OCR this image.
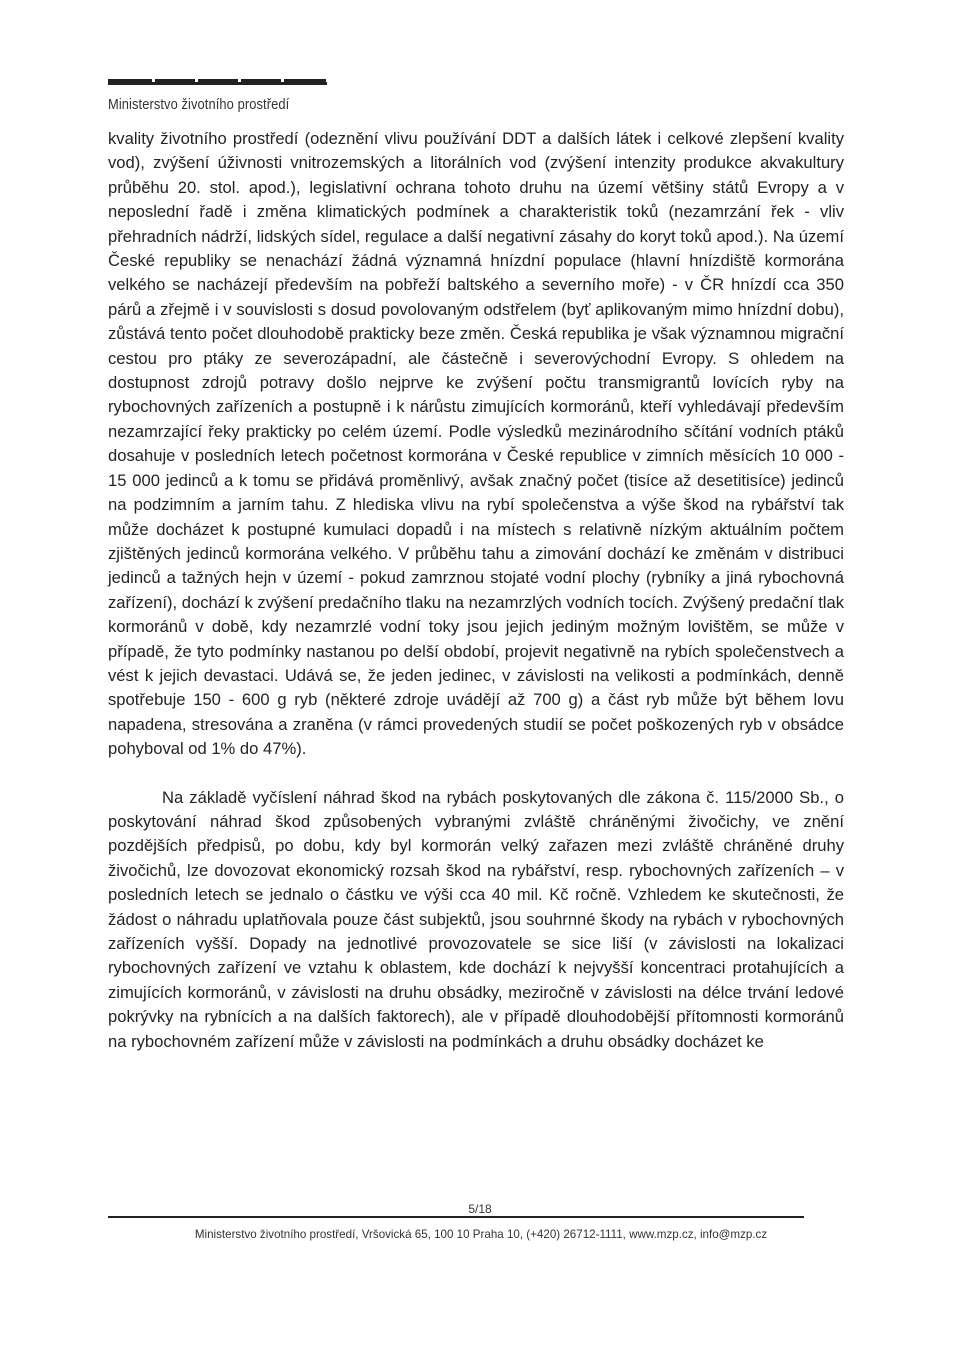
Ministerstvo životního prostředí

kvality životního prostředí (odeznění vlivu používání DDT a dalších látek i celkové zlepšení kvality vod), zvýšení úživnosti vnitrozemských a litorálních vod (zvýšení intenzity produkce akvakultury průběhu 20. stol. apod.), legislativní ochrana tohoto druhu na území většiny států Evropy a v neposlední řadě i změna klimatických podmínek a charakteristik toků (nezamrzání řek - vliv přehradních nádrží, lidských sídel, regulace a další negativní zásahy do koryt toků apod.). Na území České republiky se nenachází žádná významná hnízdní populace (hlavní hnízdiště kormorána velkého se nacházejí především na pobřeží baltského a severního moře) - v ČR hnízdí cca 350 párů a zřejmě i v souvislosti s dosud povolovaným odstřelem (byť aplikovaným mimo hnízdní dobu), zůstává tento počet dlouhodobě prakticky beze změn. Česká republika je však významnou migrační cestou pro ptáky ze severozápadní, ale částečně i severovýchodní Evropy. S ohledem na dostupnost zdrojů potravy došlo nejprve ke zvýšení počtu transmigrantů lovících ryby na rybochovných zařízeních a postupně i k nárůstu zimujících kormoránů, kteří vyhledávají především nezamrzající řeky prakticky po celém území. Podle výsledků mezinárodního sčítání vodních ptáků dosahuje v posledních letech početnost kormorána v České republice v zimních měsících 10 000 - 15 000 jedinců a k tomu se přidává proměnlivý, avšak značný počet (tisíce až desetitisíce) jedinců na podzimním a jarním tahu. Z hlediska vlivu na rybí společenstva a výše škod na rybářství tak může docházet k postupné kumulaci dopadů i na místech s relativně nízkým aktuálním počtem zjištěných jedinců kormorána velkého. V průběhu tahu a zimování dochází ke změnám v distribuci jedinců a tažných hejn v území - pokud zamrznou stojaté vodní plochy (rybníky a jiná rybochovná zařízení), dochází k zvýšení predačního tlaku na nezamrzlých vodních tocích. Zvýšený predační tlak kormoránů v době, kdy nezamrzlé vodní toky jsou jejich jediným možným lovištěm, se může v případě, že tyto podmínky nastanou po delší období, projevit negativně na rybích společenstvech a vést k jejich devastaci. Udává se, že jeden jedinec, v závislosti na velikosti a podmínkách, denně spotřebuje 150 - 600 g ryb (některé zdroje uvádějí až 700 g) a část ryb může být během lovu napadena, stresována a zraněna (v rámci provedených studií se počet poškozených ryb v obsádce pohyboval od 1% do 47%).

Na základě vyčíslení náhrad škod na rybách poskytovaných dle zákona č. 115/2000 Sb., o poskytování náhrad škod způsobených vybranými zvláště chráněnými živočichy, ve znění pozdějších předpisů, po dobu, kdy byl kormorán velký zařazen mezi zvláště chráněné druhy živočichů, lze dovozovat ekonomický rozsah škod na rybářství, resp. rybochovných zařízeních – v posledních letech se jednalo o částku ve výši cca 40 mil. Kč ročně. Vzhledem ke skutečnosti, že žádost o náhradu uplatňovala pouze část subjektů, jsou souhrnné škody na rybách v rybochovných zařízeních vyšší. Dopady na jednotlivé provozovatele se sice liší (v závislosti na lokalizaci rybochovných zařízení ve vztahu k oblastem, kde dochází k nejvyšší koncentraci protahujících a zimujících kormoránů, v závislosti na druhu obsádky, meziročně v závislosti na délce trvání ledové pokrývky na rybnících a na dalších faktorech), ale v případě dlouhodobější přítomnosti kormoránů na rybochovném zařízení může v závislosti na podmínkách a druhu obsádky docházet ke

5/18
Ministerstvo životního prostředí, Vršovická 65, 100 10 Praha 10, (+420) 26712-1111, www.mzp.cz, info@mzp.cz
